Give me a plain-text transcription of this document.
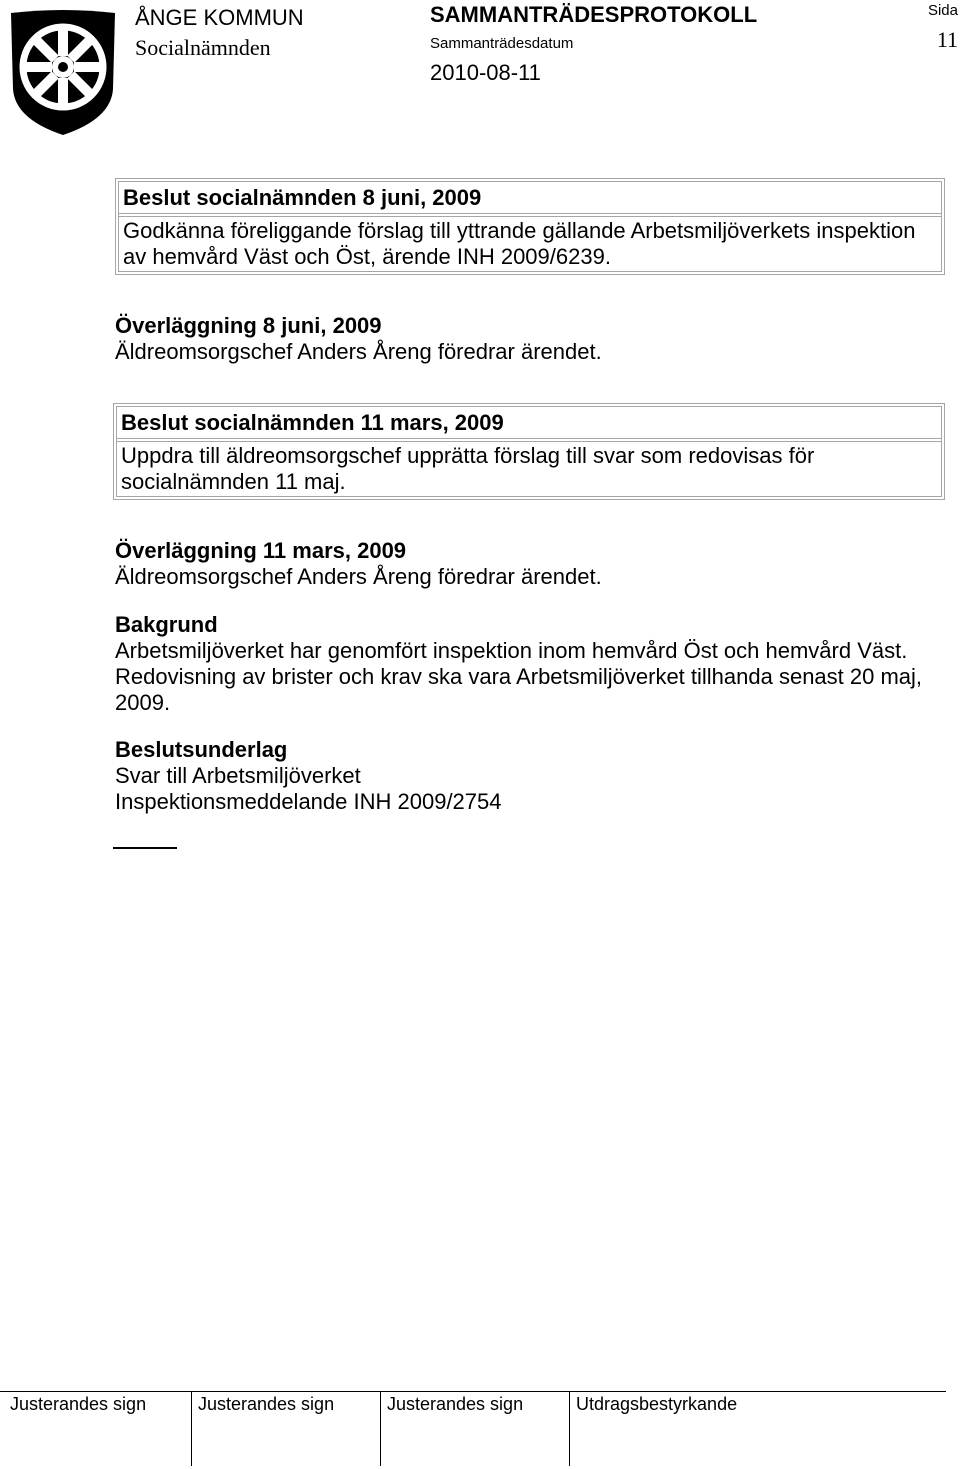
ÅNGE KOMMUN
Socialnämnden
SAMMANTRÄDESPROTOKOLL
Sammanträdesdatum
2010-08-11
Sida
11
Beslut socialnämnden 8 juni, 2009
Godkänna föreliggande förslag till yttrande gällande Arbetsmiljöverkets inspektion
av hemvård Väst och Öst, ärende INH 2009/6239.
Överläggning 8 juni, 2009
Äldreomsorgschef Anders Åreng föredrar ärendet.
Beslut socialnämnden 11 mars, 2009
Uppdra till äldreomsorgschef upprätta förslag till svar som redovisas för
socialnämnden 11 maj.
Överläggning 11 mars, 2009
Äldreomsorgschef Anders Åreng föredrar ärendet.
Bakgrund
Arbetsmiljöverket har genomfört inspektion inom hemvård Öst och hemvård Väst.
Redovisning av brister och krav ska vara Arbetsmiljöverket tillhanda senast 20 maj,
2009.
Beslutsunderlag
Svar till Arbetsmiljöverket
Inspektionsmeddelande INH 2009/2754
Justerandes sign	Justerandes sign	Justerandes sign	Utdragsbestyrkande
